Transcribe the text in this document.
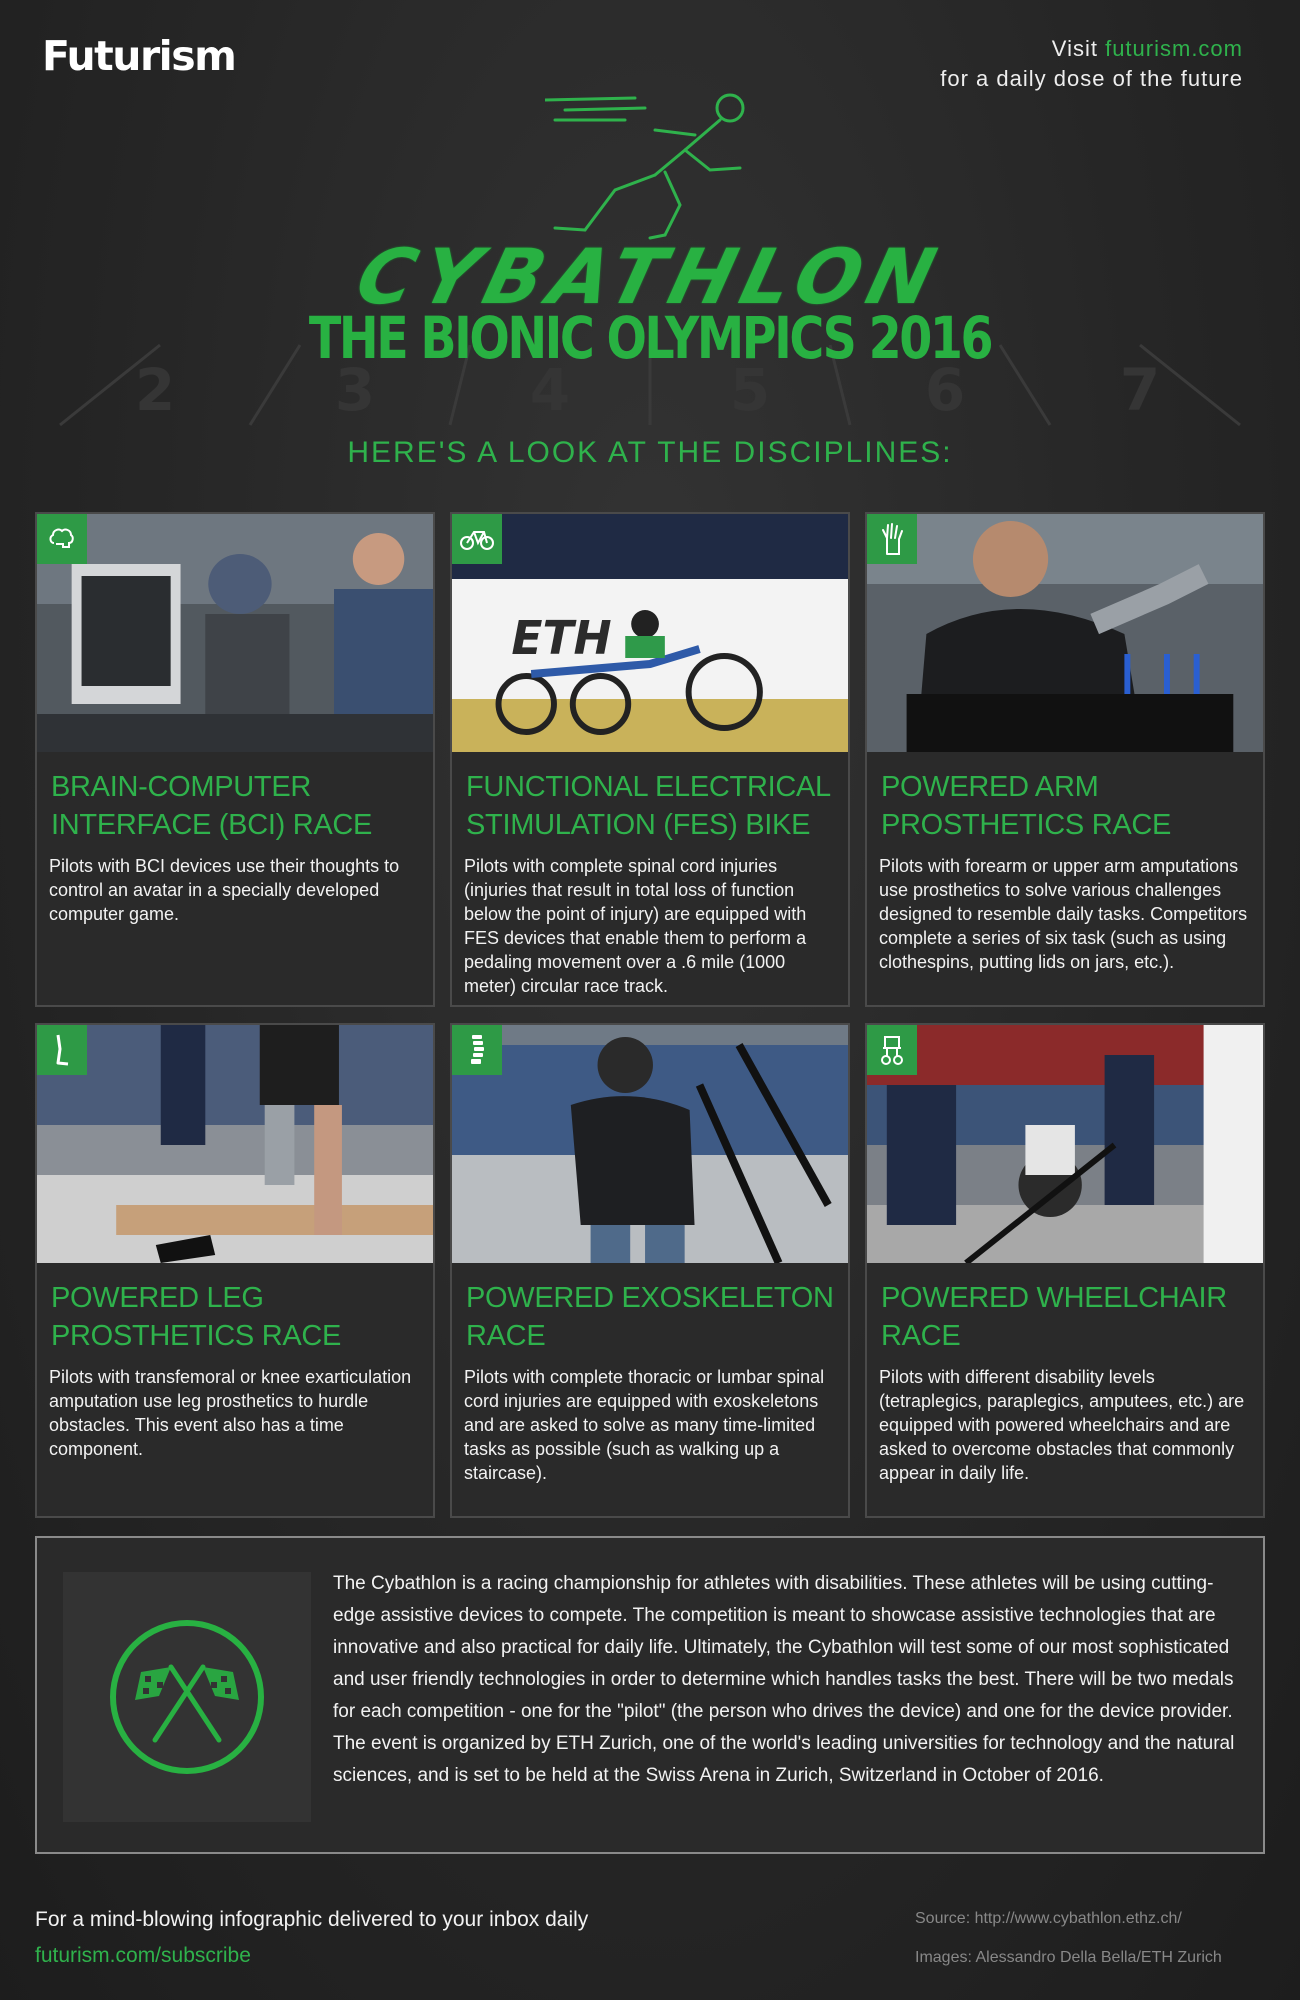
2	3	4	5	6	7
Futurism	Visit futurism.com
for a daily dose of the future
CYBATHLON
THE BIONIC OLYMPICS 2016
HERE'S A LOOK AT THE DISCIPLINES:
BRAIN-COMPUTER INTERFACE (BCI) RACE
Pilots with BCI devices use their thoughts to control an avatar in a specially developed computer game.
ETH
FUNCTIONAL ELECTRICAL STIMULATION (FES) BIKE
Pilots with complete spinal cord injuries (injuries that result in total loss of function below the point of injury) are equipped with FES devices that enable them to perform a pedaling movement over a .6 mile (1000 meter) circular race track.
POWERED ARM PROSTHETICS RACE
Pilots with forearm or upper arm amputations use prosthetics to solve various challenges designed to resemble daily tasks. Competitors complete a series of six task (such as using clothespins, putting lids on jars, etc.).
POWERED LEG PROSTHETICS RACE
Pilots with transfemoral or knee exarticulation amputation use leg prosthetics to hurdle obstacles. This event also has a time component.
POWERED EXOSKELETON RACE
Pilots with complete thoracic or lumbar spinal cord injuries are equipped with exoskeletons and are asked to solve as many time-limited tasks as possible (such as walking up a staircase).
POWERED WHEELCHAIR RACE
Pilots with different disability levels (tetraplegics, paraplegics, amputees, etc.) are equipped with powered wheelchairs and are asked to overcome obstacles that commonly appear in daily life.
The Cybathlon is a racing championship for athletes with disabilities. These athletes will be using cutting-edge assistive devices to compete. The competition is meant to showcase assistive technologies that are innovative and also practical for daily life. Ultimately, the Cybathlon will test some of our most sophisticated and user friendly technologies in order to determine which handles tasks the best. There will be two medals for each competition - one for the "pilot" (the person who drives the device) and one for the device provider. The event is organized by ETH Zurich, one of the world's leading universities for technology and the natural sciences, and is set to be held at the Swiss Arena in Zurich, Switzerland in October of 2016.
For a mind-blowing infographic delivered to your inbox daily
futurism.com/subscribe
Source: http://www.cybathlon.ethz.ch/
Images: Alessandro Della Bella/ETH Zurich
